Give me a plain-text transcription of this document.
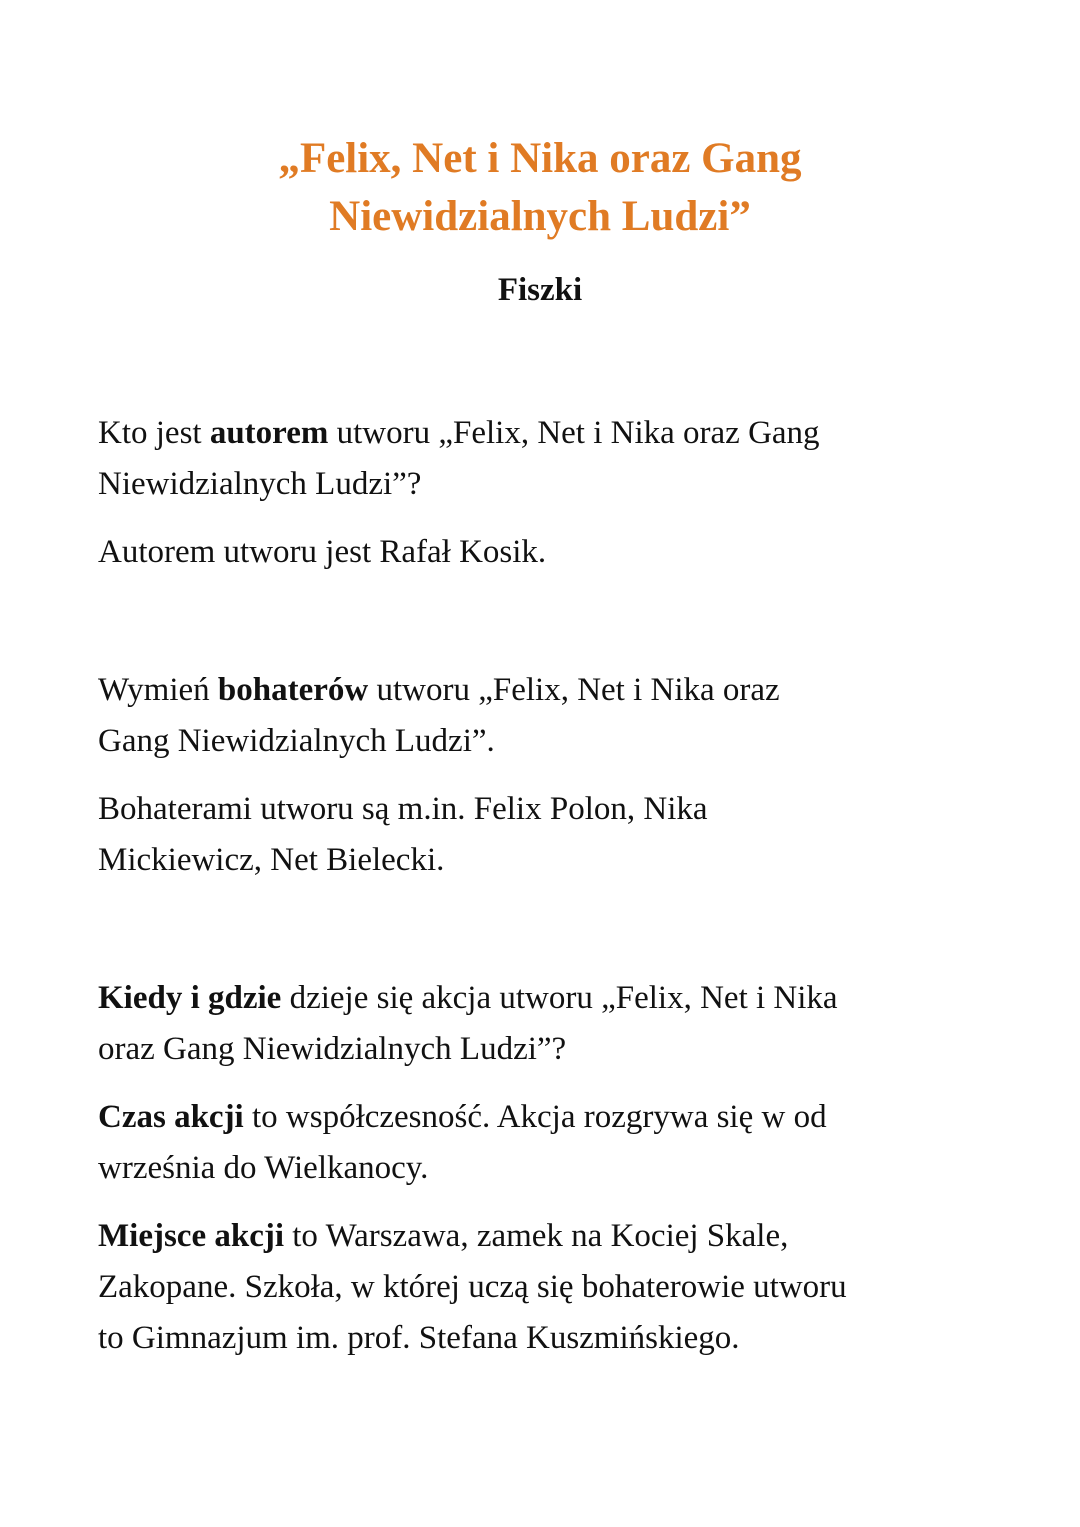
„Felix, Net i Nika oraz Gang
Niewidzialnych Ludzi”
Fiszki
Kto jest autorem utworu „Felix, Net i Nika oraz Gang
Niewidzialnych Ludzi”?
Autorem utworu jest Rafał Kosik.
Wymień bohaterów utworu „Felix, Net i Nika oraz
Gang Niewidzialnych Ludzi”.
Bohaterami utworu są m.in. Felix Polon, Nika
Mickiewicz, Net Bielecki.
Kiedy i gdzie dzieje się akcja utworu „Felix, Net i Nika
oraz Gang Niewidzialnych Ludzi”?
Czas akcji to współczesność. Akcja rozgrywa się w od
września do Wielkanocy.
Miejsce akcji to Warszawa, zamek na Kociej Skale,
Zakopane. Szkoła, w której uczą się bohaterowie utworu
to Gimnazjum im. prof. Stefana Kuszmińskiego.
